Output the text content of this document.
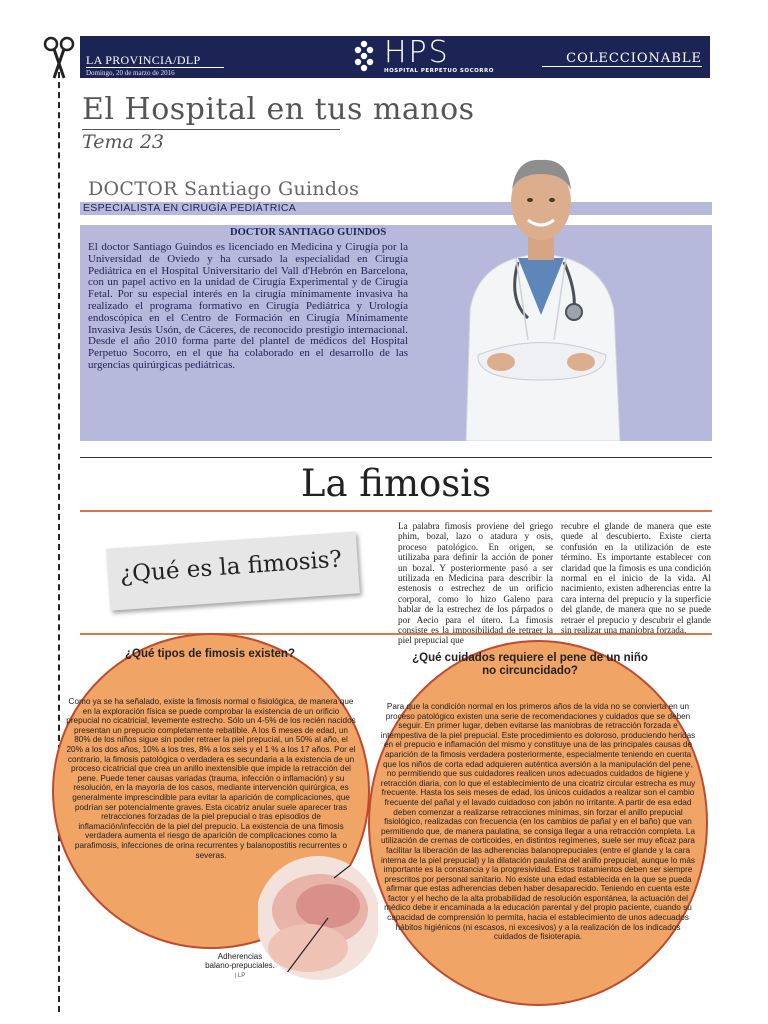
LA PROVINCIA/DLP
Domingo, 20 de marzo de 2016
HPS
HOSPITAL PERPETUO SOCORRO
COLECCIONABLE
El Hospital en tus manos
Tema 23
DOCTOR Santiago Guindos
ESPECIALISTA EN CIRUGÍA PEDIÁTRICA
DOCTOR SANTIAGO GUINDOS
El doctor Santiago Guindos es licenciado en Medicina y Cirugía por la Universidad de Oviedo y ha cursado la especialidad en Cirugía Pediátrica en el Hospital Universitario del Vall d'Hebrón en Barcelona, con un papel activo en la unidad de Cirugía Experimental y de Cirugía Fetal. Por su especial interés en la cirugía mínimamente invasiva ha realizado el programa formativo en Cirugía Pediátrica y Urología endoscópica en el Centro de Formación en Cirugía Mínimamente Invasiva Jesús Usón, de Cáceres, de reconocido prestigio internacional. Desde el año 2010 forma parte del plantel de médicos del Hospital Perpetuo Socorro, en el que ha colaborado en el desarrollo de las urgencias quirúrgicas pediátricas.
La fimosis
¿Qué es la fimosis?
La palabra fimosis proviene del griego phim, bozal, lazo o atadura y osis, proceso patológico. En origen, se utilizaba para definir la acción de poner un bozal. Y posteriormente pasó a ser utilizada en Medicina para describir la estenosis o estrechez de un orificio corporal, como lo hizo Galeno para hablar de la estrechez de los párpados o por Aecio para el útero. La fimosis consiste es la imposibilidad de retraer la piel prepucial que
recubre el glande de manera que este quede al descubierto. Existe cierta confusión en la utilización de este término. Es importante establecer con claridad que la fimosis es una condición normal en el inicio de la vida. Al nacimiento, existen adherencias entre la cara interna del prepucio y la superficie del glande, de manera que no se puede retraer el prepucio y descubrir el glande sin realizar una maniobra forzada.
¿Qué tipos de fimosis existen?
Como ya se ha señalado, existe la fimosis normal o fisiológica, de manera que en la exploración física se puede comprobar la existencia de un orificio prepucial no cicatricial, levemente estrecho. Sólo un 4-5% de los recién nacidos presentan un prepucio completamente rebatible. A los 6 meses de edad, un 80% de los niños sigue sin poder retraer la piel prepucial, un 50% al año, el 20% a los dos años, 10% a los tres, 8% a los seis y el 1 % a los 17 años. Por el contrario, la fimosis patológica o verdadera es secundaria a la existencia de un proceso cicatricial que crea un anillo inextensible que impide la retracción del pene. Puede tener causas variadas (trauma, infección o inflamación) y su resolución, en la mayoría de los casos, mediante intervención quirúrgica, es generalmente imprescindible para evitar la aparición de complicaciones, que podrían ser potencialmente graves. Esta cicatriz anular suele aparecer tras retracciones forzadas de la piel prepucial o tras episodios de inflamación/infección de la piel del prepucio. La existencia de una fimosis verdadera aumenta el riesgo de aparición de complicaciones como la parafimosis, infecciones de orina recurrentes y balanopostitis recurrentes o severas.
¿Qué cuidados requiere el pene de un niño no circuncidado?
Para que la condición normal en los primeros años de la vida no se convierta en un proceso patológico existen una serie de recomendaciones y cuidados que se deben seguir. En primer lugar, deben evitarse las maniobras de retracción forzada e intempestiva de la piel prepucial. Este procedimiento es doloroso, produciendo heridas en el prepucio e inflamación del mismo y constituye una de las principales causas de aparición de la fimosis verdadera posteriormente, especialmente teniendo en cuenta que los niños de corta edad adquieren auténtica aversión a la manipulación del pene, no permitiendo que sus cuidadores realicen unos adecuados cuidados de higiene y retracción diaria, con lo que el establecimiento de una cicatriz circular estrecha es muy frecuente. Hasta los seis meses de edad, los únicos cuidados a realizar son el cambio frecuente del pañal y el lavado cuidadoso con jabón no irritante. A partir de esa edad deben comenzar a realizarse retracciones mínimas, sin forzar el anillo prepucial fisiológico, realizadas con frecuencia (en los cambios de pañal y en el baño) que van permitiendo que, de manera paulatina, se consiga llegar a una retracción completa. La utilización de cremas de corticoides, en distintos regímenes, suele ser muy eficaz para facilitar la liberación de las adherencias balanoprepuciales (entre el glande y la cara interna de la piel prepucial) y la dilatación paulatina del anillo prepucial, aunque lo más importante es la constancia y la progresividad. Estos tratamientos deben ser siempre prescritos por personal sanitario. No existe una edad establecida en la que se pueda afirmar que estas adherencias deben haber desaparecido. Teniendo en cuenta este factor y el hecho de la alta probabilidad de resolución espontánea, la actuación del médico debe ir encaminada a la educación parental y del propio paciente, cuando su capacidad de comprensión lo permita, hacia el establecimiento de unos adecuados hábitos higiénicos (ni escasos, ni excesivos) y a la realización de los indicados cuidados de fisioterapia.
Adherencias balano-prepuciales. | LP
